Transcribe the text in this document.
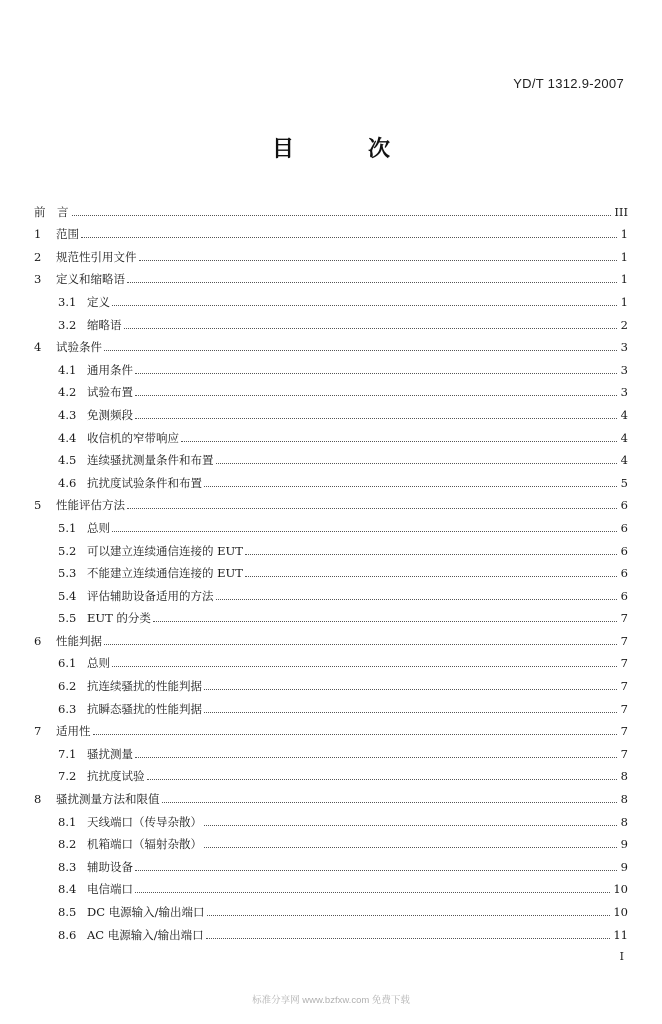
YD/T 1312.9-2007
目　次
前　言	III
1	范围	1
2	规范性引用文件	1
3	定义和缩略语	1
3.1 定义	1
3.2 缩略语	2
4	试验条件	3
4.1 通用条件	3
4.2 试验布置	3
4.3 免测频段	4
4.4 收信机的窄带响应	4
4.5 连续骚扰测量条件和布置	4
4.6 抗扰度试验条件和布置	5
5	性能评估方法	6
5.1 总则	6
5.2 可以建立连续通信连接的 EUT	6
5.3 不能建立连续通信连接的 EUT	6
5.4 评估辅助设备适用的方法	6
5.5 EUT 的分类	7
6	性能判据	7
6.1 总则	7
6.2 抗连续骚扰的性能判据	7
6.3 抗瞬态骚扰的性能判据	7
7	适用性	7
7.1 骚扰测量	7
7.2 抗扰度试验	8
8	骚扰测量方法和限值	8
8.1 天线端口（传导杂散）	8
8.2 机箱端口（辐射杂散）	9
8.3 辅助设备	9
8.4 电信端口	10
8.5 DC 电源输入/输出端口	10
8.6 AC 电源输入/输出端口	11
I
标准分享网 www.bzfxw.com 免费下载
